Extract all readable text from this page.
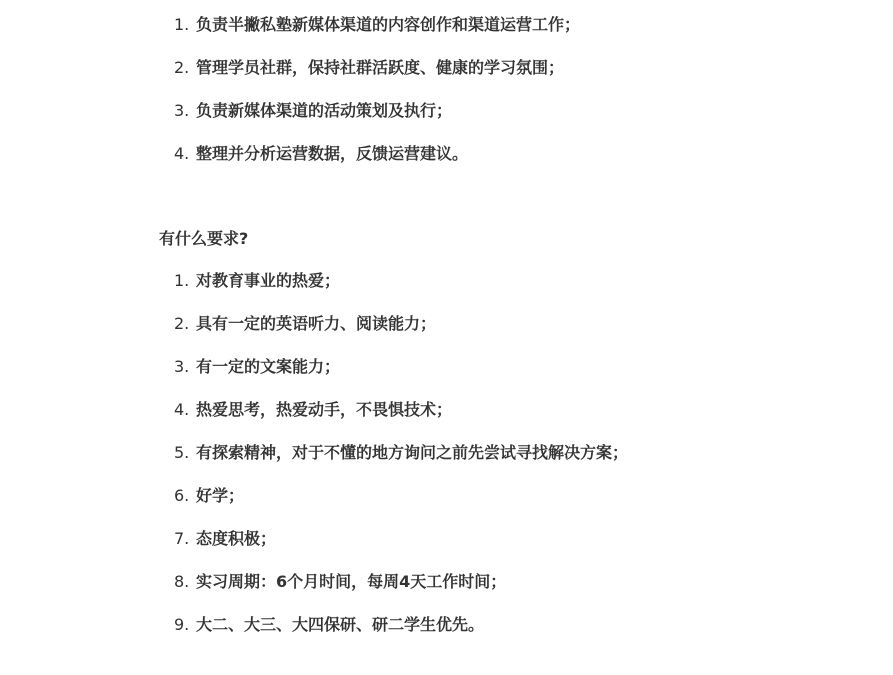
1. 负责半撇私塾新媒体渠道的内容创作和渠道运营工作；
2. 管理学员社群，保持社群活跃度、健康的学习氛围；
3. 负责新媒体渠道的活动策划及执行；
4. 整理并分析运营数据，反馈运营建议。
有什么要求?
1. 对教育事业的热爱；
2. 具有一定的英语听力、阅读能力；
3. 有一定的文案能力；
4. 热爱思考，热爱动手，不畏惧技术；
5. 有探索精神，对于不懂的地方询问之前先尝试寻找解决方案；
6. 好学；
7. 态度积极；
8. 实习周期：6个月时间，每周4天工作时间；
9. 大二、大三、大四保研、研二学生优先。
